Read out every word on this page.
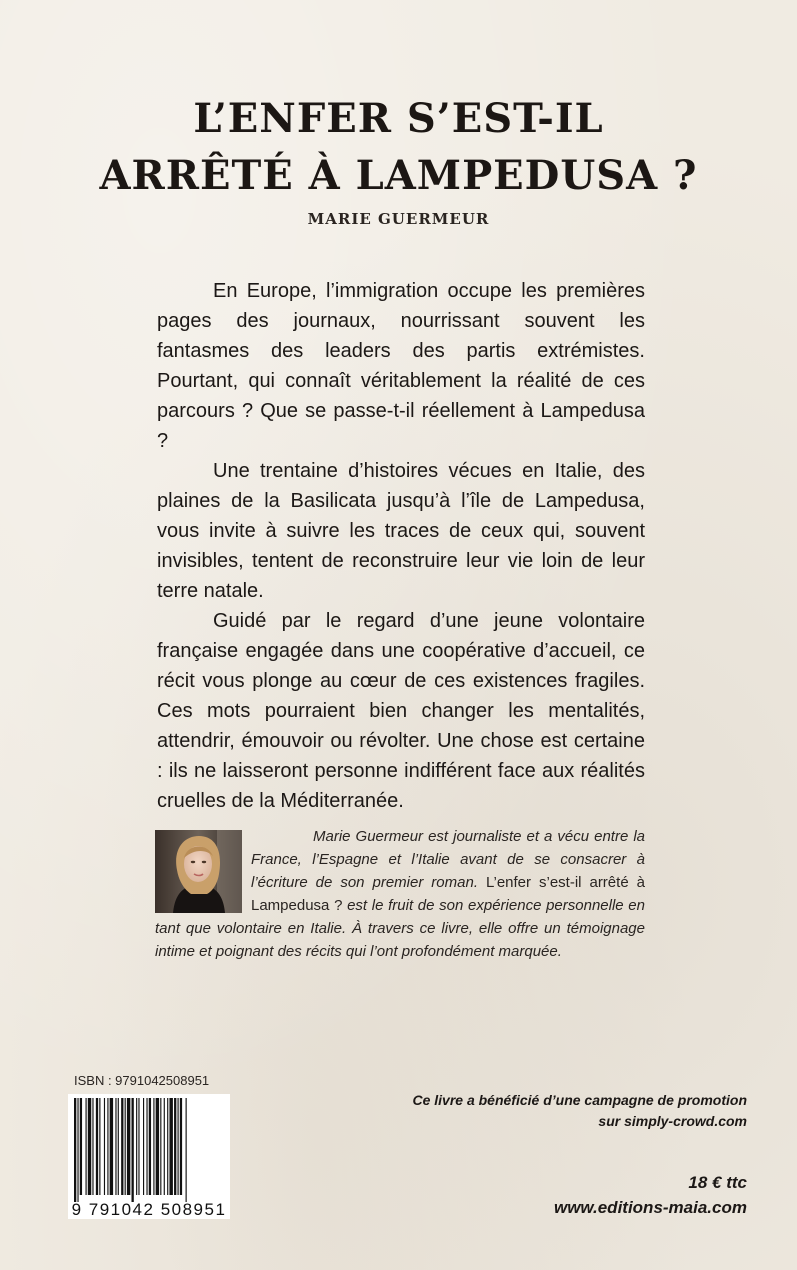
L’ENFER S’EST-IL
ARRÊTÉ À LAMPEDUSA ?
MARIE GUERMEUR

En Europe, l’immigration occupe les premières pages des journaux, nourrissant souvent les fantasmes des leaders des partis extrémistes. Pourtant, qui connaît véritablement la réalité de ces parcours ? Que se passe-t-il réellement à Lampedusa ?

Une trentaine d’histoires vécues en Italie, des plaines de la Basilicata jusqu’à l’île de Lampedusa, vous invite à suivre les traces de ceux qui, souvent invisibles, tentent de reconstruire leur vie loin de leur terre natale.

Guidé par le regard d’une jeune volontaire française engagée dans une coopérative d’accueil, ce récit vous plonge au cœur de ces existences fragiles. Ces mots pourraient bien changer les mentalités, attendrir, émouvoir ou révolter. Une chose est certaine : ils ne laisseront personne indifférent face aux réalités cruelles de la Méditerranée.

Marie Guermeur est journaliste et a vécu entre la France, l’Espagne et l’Italie avant de se consacrer à l’écriture de son premier roman. L’enfer s’est-il arrêté à Lampedusa ? est le fruit de son expérience personnelle en tant que volontaire en Italie. À travers ce livre, elle offre un témoignage intime et poignant des récits qui l’ont profondément marquée.
ISBN : 9791042508951
9 791042 508951
Ce livre a bénéficié d’une campagne de promotion
sur simply-crowd.com
18 € ttc
www.editions-maia.com
